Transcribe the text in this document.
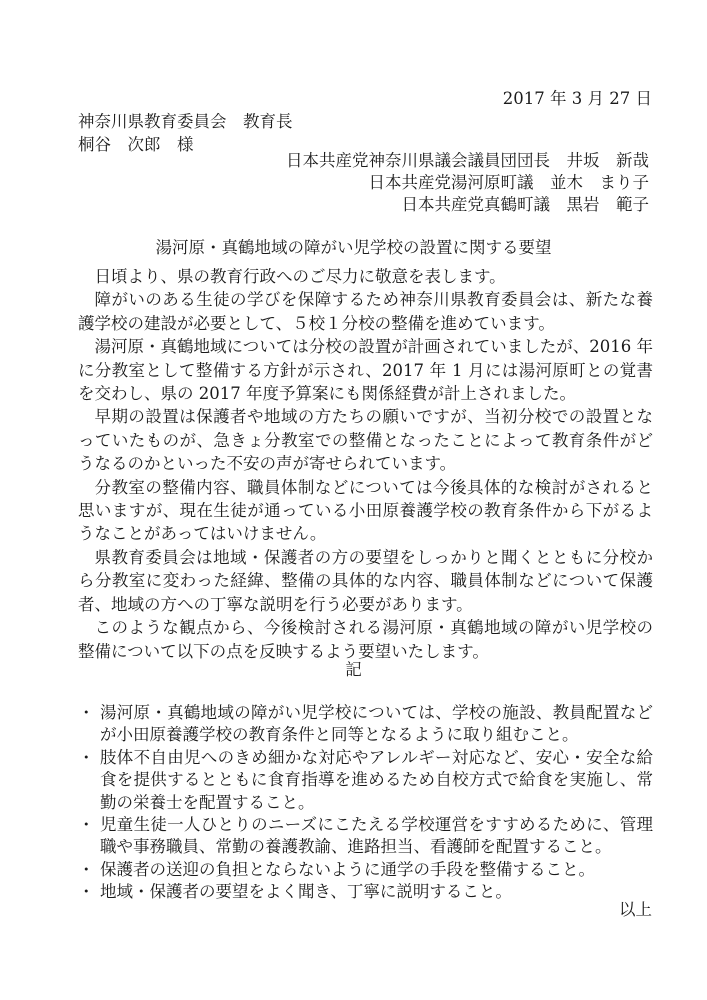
2017 年 3 月 27 日
神奈川県教育委員会　教育長
桐谷　次郎　様
日本共産党神奈川県議会議員団団長　井坂　新哉
日本共産党湯河原町議　並木　まり子
日本共産党真鶴町議　黒岩　範子
湯河原・真鶴地域の障がい児学校の設置に関する要望

日頃より、県の教育行政へのご尽力に敬意を表します。

障がいのある生徒の学びを保障するため神奈川県教育委員会は、新たな養護学校の建設が必要として、５校１分校の整備を進めています。

湯河原・真鶴地域については分校の設置が計画されていましたが、2016 年に分教室として整備する方針が示され、2017 年 1 月には湯河原町との覚書を交わし、県の 2017 年度予算案にも関係経費が計上されました。

早期の設置は保護者や地域の方たちの願いですが、当初分校での設置となっていたものが、急きょ分教室での整備となったことによって教育条件がどうなるのかといった不安の声が寄せられています。

分教室の整備内容、職員体制などについては今後具体的な検討がされると思いますが、現在生徒が通っている小田原養護学校の教育条件から下がるようなことがあってはいけません。

県教育委員会は地域・保護者の方の要望をしっかりと聞くとともに分校から分教室に変わった経緯、整備の具体的な内容、職員体制などについて保護者、地域の方への丁寧な説明を行う必要があります。

このような観点から、今後検討される湯河原・真鶴地域の障がい児学校の整備について以下の点を反映するよう要望いたします。

記
・ 湯河原・真鶴地域の障がい児学校については、学校の施設、教員配置などが小田原養護学校の教育条件と同等となるように取り組むこと。
・ 肢体不自由児へのきめ細かな対応やアレルギー対応など、安心・安全な給食を提供するとともに食育指導を進めるため自校方式で給食を実施し、常勤の栄養士を配置すること。
・ 児童生徒一人ひとりのニーズにこたえる学校運営をすすめるために、管理職や事務職員、常勤の養護教諭、進路担当、看護師を配置すること。
・ 保護者の送迎の負担とならないように通学の手段を整備すること。
・ 地域・保護者の要望をよく聞き、丁寧に説明すること。
以上
